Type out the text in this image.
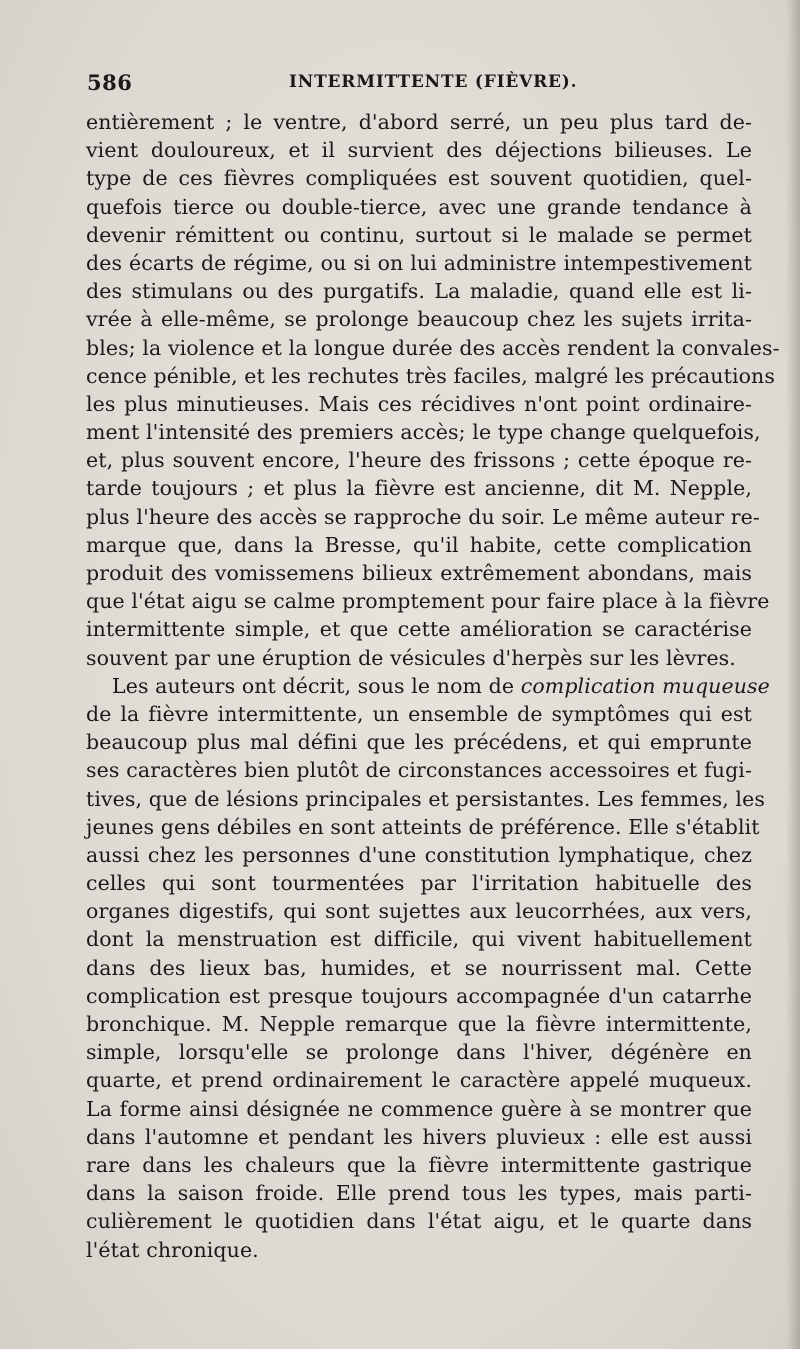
586	INTERMITTENTE (FIÈVRE).
entièrement ; le ventre, d'abord serré, un peu plus tard de-
vient douloureux, et il survient des déjections bilieuses. Le
type de ces fièvres compliquées est souvent quotidien, quel-
quefois tierce ou double-tierce, avec une grande tendance à
devenir rémittent ou continu, surtout si le malade se permet
des écarts de régime, ou si on lui administre intempestivement
des stimulans ou des purgatifs. La maladie, quand elle est li-
vrée à elle-même, se prolonge beaucoup chez les sujets irrita-
bles; la violence et la longue durée des accès rendent la convales-
cence pénible, et les rechutes très faciles, malgré les précautions
les plus minutieuses. Mais ces récidives n'ont point ordinaire-
ment l'intensité des premiers accès; le type change quelquefois,
et, plus souvent encore, l'heure des frissons ; cette époque re-
tarde toujours ; et plus la fièvre est ancienne, dit M. Nepple,
plus l'heure des accès se rapproche du soir. Le même auteur re-
marque que, dans la Bresse, qu'il habite, cette complication
produit des vomissemens bilieux extrêmement abondans, mais
que l'état aigu se calme promptement pour faire place à la fièvre
intermittente simple, et que cette amélioration se caractérise
souvent par une éruption de vésicules d'herpès sur les lèvres.
Les auteurs ont décrit, sous le nom de complication muqueuse
de la fièvre intermittente, un ensemble de symptômes qui est
beaucoup plus mal défini que les précédens, et qui emprunte
ses caractères bien plutôt de circonstances accessoires et fugi-
tives, que de lésions principales et persistantes. Les femmes, les
jeunes gens débiles en sont atteints de préférence. Elle s'établit
aussi chez les personnes d'une constitution lymphatique, chez
celles qui sont tourmentées par l'irritation habituelle des
organes digestifs, qui sont sujettes aux leucorrhées, aux vers,
dont la menstruation est difficile, qui vivent habituellement
dans des lieux bas, humides, et se nourrissent mal. Cette
complication est presque toujours accompagnée d'un catarrhe
bronchique. M. Nepple remarque que la fièvre intermittente,
simple, lorsqu'elle se prolonge dans l'hiver, dégénère en
quarte, et prend ordinairement le caractère appelé muqueux.
La forme ainsi désignée ne commence guère à se montrer que
dans l'automne et pendant les hivers pluvieux : elle est aussi
rare dans les chaleurs que la fièvre intermittente gastrique
dans la saison froide. Elle prend tous les types, mais parti-
culièrement le quotidien dans l'état aigu, et le quarte dans
l'état chronique.
